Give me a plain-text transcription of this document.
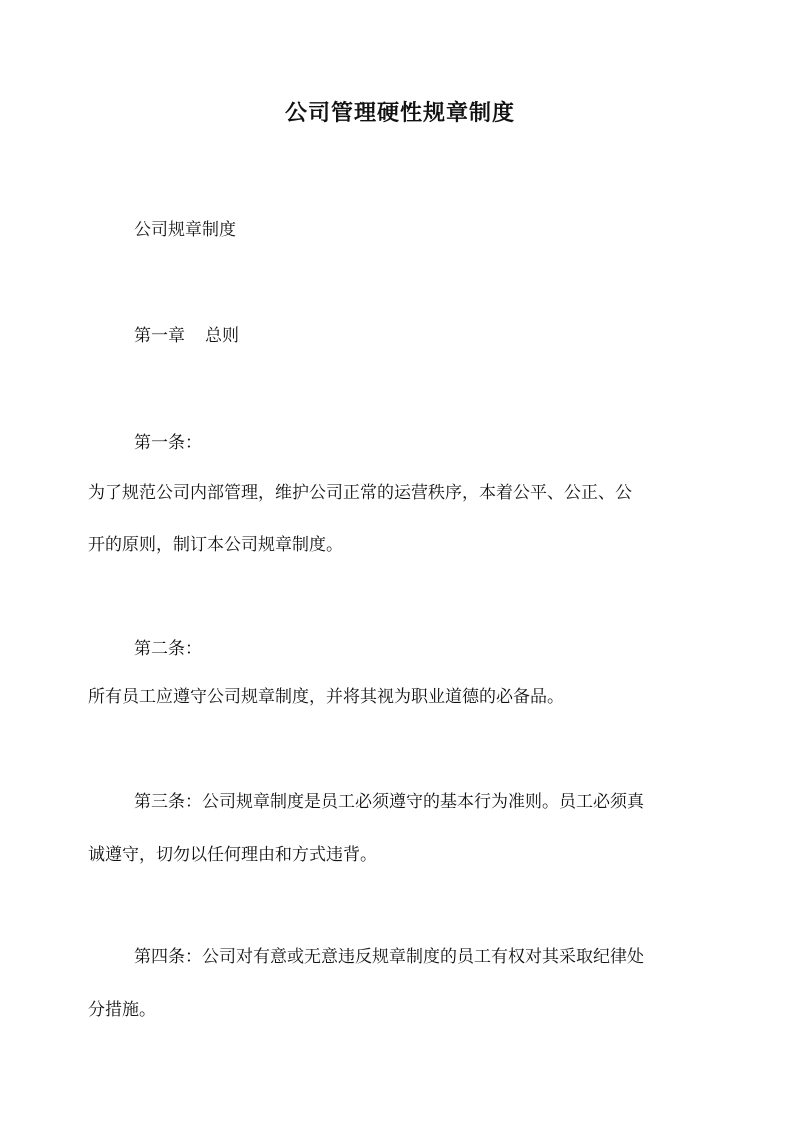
公司管理硬性规章制度

公司规章制度

第一章 总则

第一条：

为了规范公司内部管理，维护公司正常的运营秩序，本着公平、公正、公

开的原则，制订本公司规章制度。

第二条：

所有员工应遵守公司规章制度，并将其视为职业道德的必备品。

第三条：公司规章制度是员工必须遵守的基本行为准则。员工必须真

诚遵守，切勿以任何理由和方式违背。

第四条：公司对有意或无意违反规章制度的员工有权对其采取纪律处

分措施。
